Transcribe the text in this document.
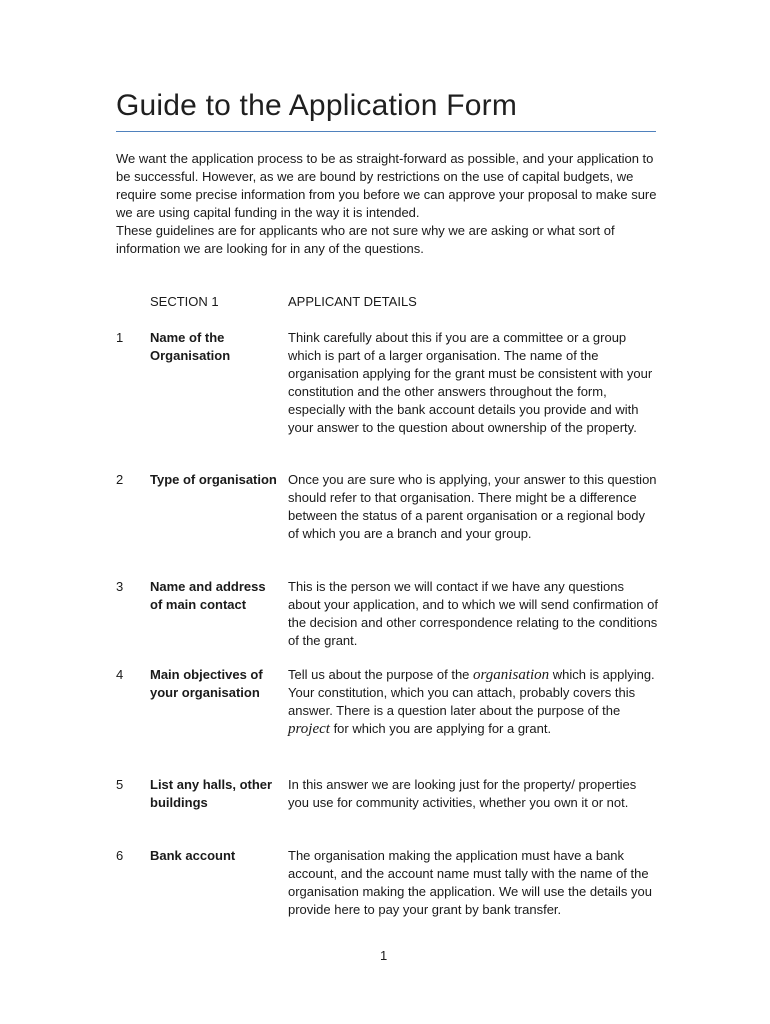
Guide to the Application Form

We want the application process to be as straight-forward as possible, and your application to be successful. However, as we are bound by restrictions on the use of capital budgets, we require some precise information from you before we can approve your proposal to make sure we are using capital funding in the way it is intended.

These guidelines are for applicants who are not sure why we are asking or what sort of information we are looking for in any of the questions.

SECTION 1	APPLICANT DETAILS
1 Name of the Organisation
Think carefully about this if you are a committee or a group which is part of a larger organisation. The name of the organisation applying for the grant must be consistent with your constitution and the other answers throughout the form, especially with the bank account details you provide and with your answer to the question about ownership of the property.
2 Type of organisation Once you are sure who is applying, your answer to this question should refer to that organisation. There might be a difference between the status of a parent organisation or a regional body of which you are a branch and your group.
3 Name and address of main contact
This is the person we will contact if we have any questions about your application, and to which we will send confirmation of the decision and other correspondence relating to the conditions of the grant.
4 Main objectives of your organisation
Tell us about the purpose of the organisation which is applying. Your constitution, which you can attach, probably covers this answer. There is a question later about the purpose of the project for which you are applying for a grant.
5 List any halls, other buildings
In this answer we are looking just for the property/ properties you use for community activities, whether you own it or not.
6 Bank account	The organisation making the application must have a bank account, and the account name must tally with the name of the organisation making the application. We will use the details you provide here to pay your grant by bank transfer.
1
